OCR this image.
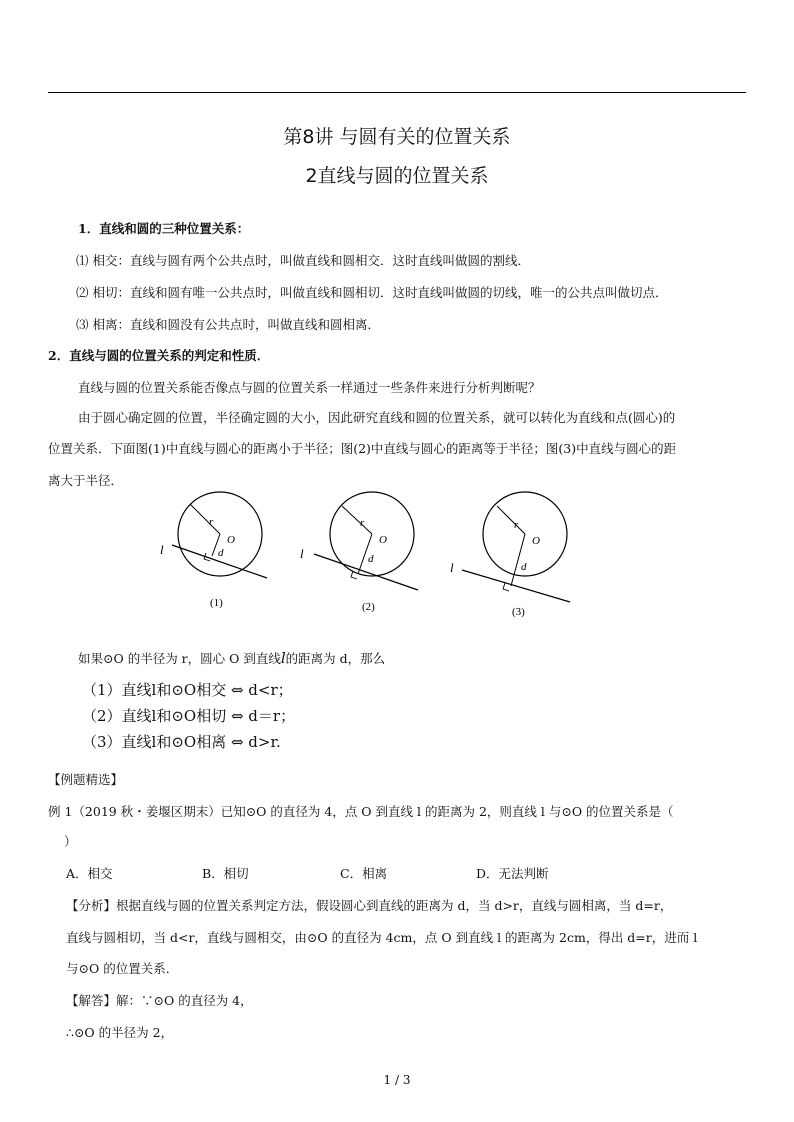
第8讲 与圆有关的位置关系
2直线与圆的位置关系
1．直线和圆的三种位置关系：
⑴ 相交：直线与圆有两个公共点时，叫做直线和圆相交．这时直线叫做圆的割线．
⑵ 相切：直线和圆有唯一公共点时，叫做直线和圆相切．这时直线叫做圆的切线，唯一的公共点叫做切点．
⑶ 相离：直线和圆没有公共点时，叫做直线和圆相离．
2．直线与圆的位置关系的判定和性质．
直线与圆的位置关系能否像点与圆的位置关系一样通过一些条件来进行分析判断呢？
由于圆心确定圆的位置，半径确定圆的大小，因此研究直线和圆的位置关系，就可以转化为直线和点(圆心)的
位置关系．下面图(1)中直线与圆心的距离小于半径；图(2)中直线与圆心的距离等于半径；图(3)中直线与圆心的距
离大于半径．
r
O
d
l
(1)
r
O
d
l
(2)
r
O
d
l
(3)
如果⊙O 的半径为 r，圆心 O 到直线l的距离为 d，那么
（1）直线l和⊙O相交 ⇔ d<r；
（2）直线l和⊙O相切 ⇔ d＝r；
（3）直线l和⊙O相离 ⇔ d>r.
【例题精选】
例 1（2019 秋・姜堰区期末）已知⊙O 的直径为 4，点 O 到直线 l 的距离为 2，则直线 l 与⊙O 的位置关系是（
）
A．相交	B．相切	C．相离	D．无法判断
【分析】根据直线与圆的位置关系判定方法，假设圆心到直线的距离为 d，当 d>r，直线与圆相离，当 d=r，
直线与圆相切，当 d<r，直线与圆相交，由⊙O 的直径为 4cm，点 O 到直线 l 的距离为 2cm，得出 d=r，进而 l
与⊙O 的位置关系．
【解答】解：∵⊙O 的直径为 4，
∴⊙O 的半径为 2，
1 / 3
